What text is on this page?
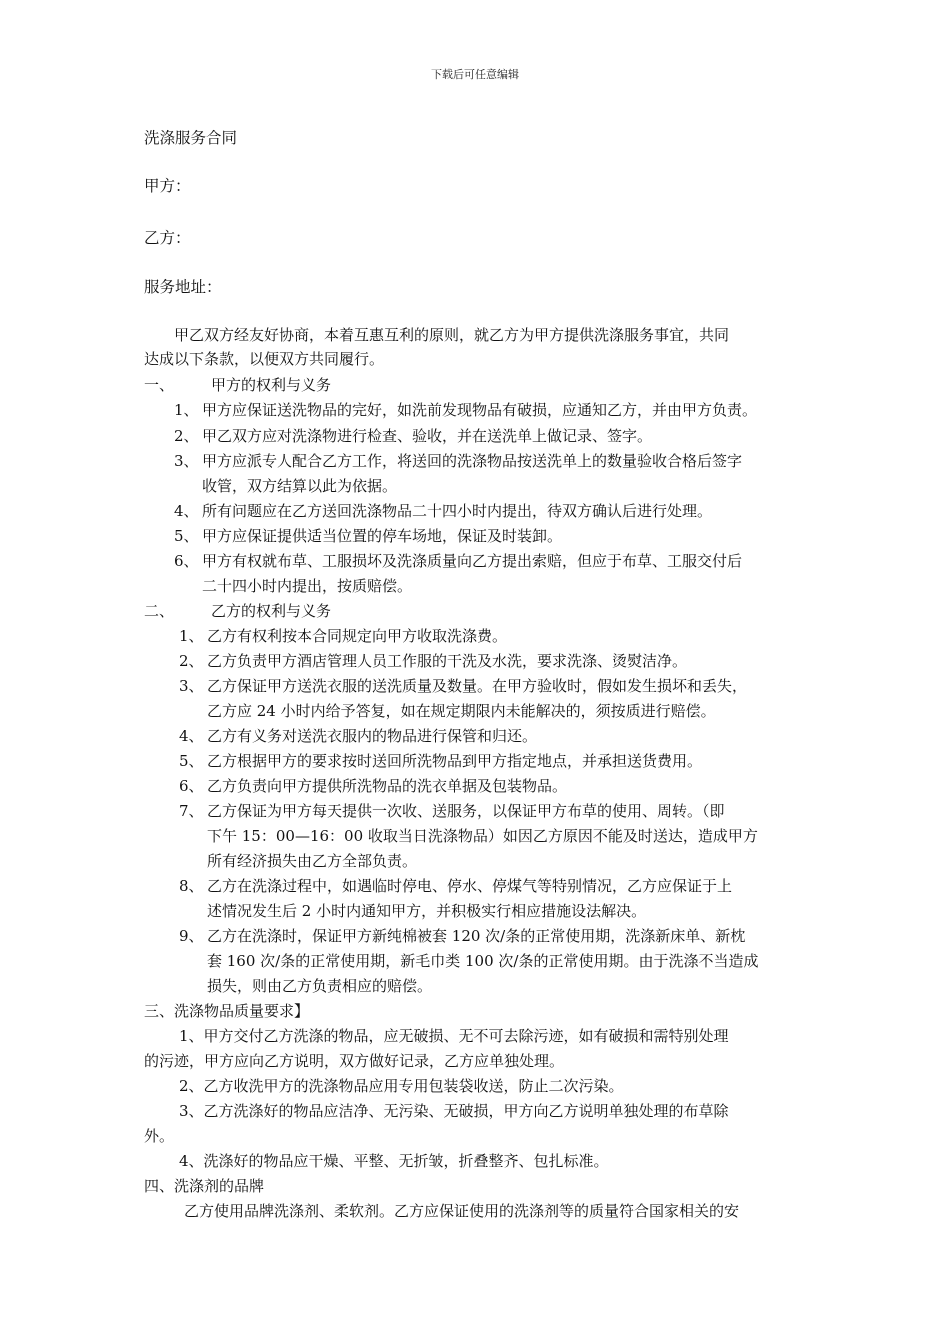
下载后可任意编辑
洗涤服务合同
甲方：
乙方：
服务地址：
甲乙双方经友好协商，本着互惠互利的原则，就乙方为甲方提供洗涤服务事宜，共同
达成以下条款，以便双方共同履行。
一、 甲方的权利与义务
1、 甲方应保证送洗物品的完好，如洗前发现物品有破损，应通知乙方，并由甲方负责。
2、 甲乙双方应对洗涤物进行检查、验收，并在送洗单上做记录、签字。
3、 甲方应派专人配合乙方工作，将送回的洗涤物品按送洗单上的数量验收合格后签字
收管，双方结算以此为依据。
4、 所有问题应在乙方送回洗涤物品二十四小时内提出，待双方确认后进行处理。
5、 甲方应保证提供适当位置的停车场地，保证及时装卸。
6、 甲方有权就布草、工服损坏及洗涤质量向乙方提出索赔，但应于布草、工服交付后
二十四小时内提出，按质赔偿。
二、 乙方的权利与义务
1、 乙方有权利按本合同规定向甲方收取洗涤费。
2、 乙方负责甲方酒店管理人员工作服的干洗及水洗，要求洗涤、烫熨洁净。
3、 乙方保证甲方送洗衣服的送洗质量及数量。在甲方验收时，假如发生损坏和丢失，
乙方应 24 小时内给予答复，如在规定期限内未能解决的，须按质进行赔偿。
4、 乙方有义务对送洗衣服内的物品进行保管和归还。
5、 乙方根据甲方的要求按时送回所洗物品到甲方指定地点，并承担送货费用。
6、 乙方负责向甲方提供所洗物品的洗衣单据及包装物品。
7、 乙方保证为甲方每天提供一次收、送服务，以保证甲方布草的使用、周转。（即
下午 15：00—16：00 收取当日洗涤物品）如因乙方原因不能及时送达，造成甲方
所有经济损失由乙方全部负责。
8、 乙方在洗涤过程中，如遇临时停电、停水、停煤气等特别情况，乙方应保证于上
述情况发生后 2 小时内通知甲方，并积极实行相应措施设法解决。
9、 乙方在洗涤时，保证甲方新纯棉被套 120 次/条的正常使用期，洗涤新床单、新枕
套 160 次/条的正常使用期，新毛巾类 100 次/条的正常使用期。由于洗涤不当造成
损失，则由乙方负责相应的赔偿。
三、洗涤物品质量要求】
1、甲方交付乙方洗涤的物品，应无破损、无不可去除污迹，如有破损和需特别处理
的污迹，甲方应向乙方说明，双方做好记录，乙方应单独处理。
2、乙方收洗甲方的洗涤物品应用专用包装袋收送，防止二次污染。
3、乙方洗涤好的物品应洁净、无污染、无破损，甲方向乙方说明单独处理的布草除
外。
4、洗涤好的物品应干燥、平整、无折皱，折叠整齐、包扎标准。
四、洗涤剂的品牌
乙方使用品牌洗涤剂、柔软剂。乙方应保证使用的洗涤剂等的质量符合国家相关的安
